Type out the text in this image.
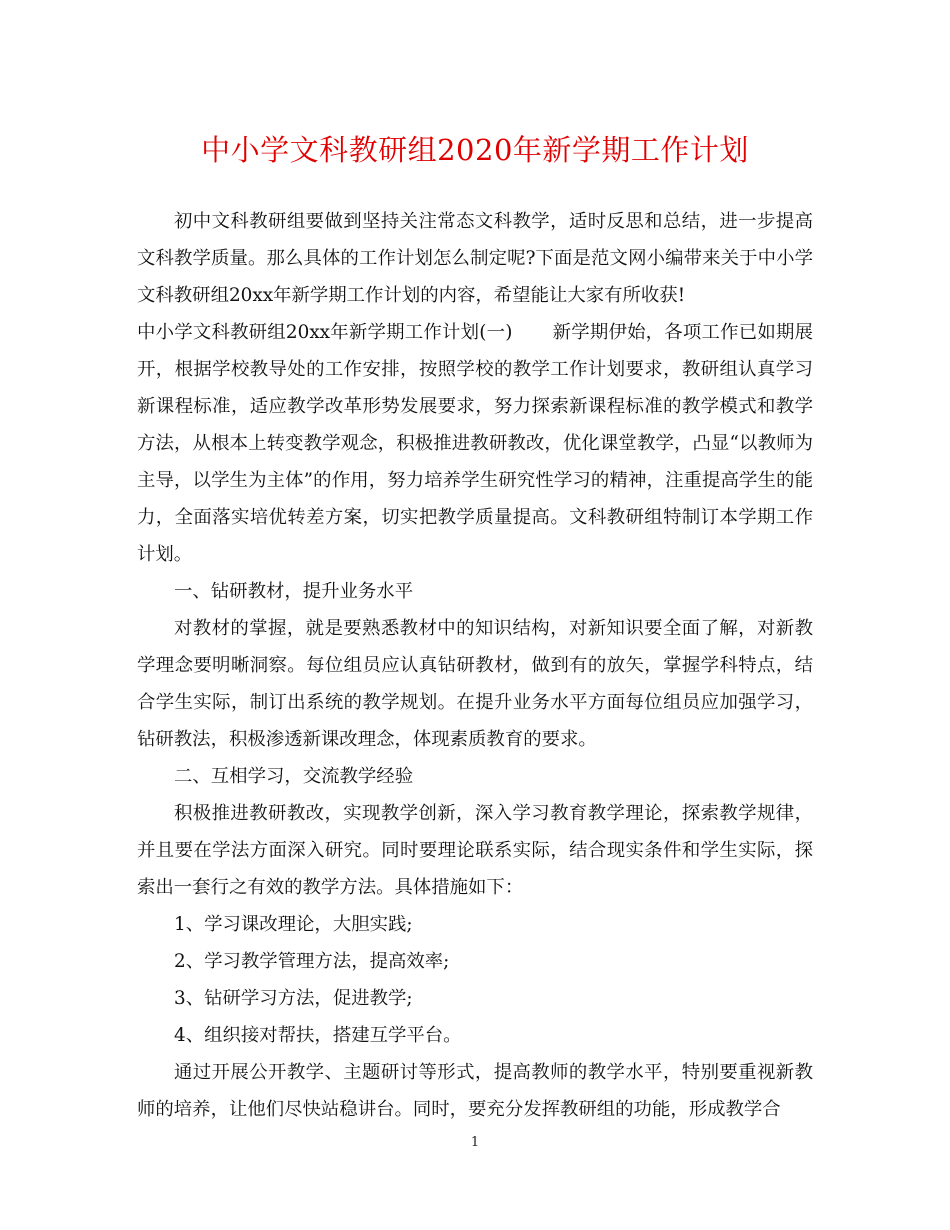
中小学文科教研组2020年新学期工作计划

初中文科教研组要做到坚持关注常态文科教学，适时反思和总结，进一步提高文科教学质量。那么具体的工作计划怎么制定呢?下面是范文网小编带来关于中小学文科教研组20xx年新学期工作计划的内容，希望能让大家有所收获!

中小学文科教研组20xx年新学期工作计划(一) 新学期伊始，各项工作已如期展开，根据学校教导处的工作安排，按照学校的教学工作计划要求，教研组认真学习新课程标准，适应教学改革形势发展要求，努力探索新课程标准的教学模式和教学方法，从根本上转变教学观念，积极推进教研教改，优化课堂教学，凸显“以教师为主导，以学生为主体”的作用，努力培养学生研究性学习的精神，注重提高学生的能力，全面落实培优转差方案，切实把教学质量提高。文科教研组特制订本学期工作计划。

一、钻研教材，提升业务水平

对教材的掌握，就是要熟悉教材中的知识结构，对新知识要全面了解，对新教学理念要明晰洞察。每位组员应认真钻研教材，做到有的放矢，掌握学科特点，结合学生实际，制订出系统的教学规划。在提升业务水平方面每位组员应加强学习，钻研教法，积极渗透新课改理念，体现素质教育的要求。

二、互相学习，交流教学经验

积极推进教研教改，实现教学创新，深入学习教育教学理论，探索教学规律，并且要在学法方面深入研究。同时要理论联系实际，结合现实条件和学生实际，探索出一套行之有效的教学方法。具体措施如下：

1、学习课改理论，大胆实践;

2、学习教学管理方法，提高效率;

3、钻研学习方法，促进教学;

4、组织接对帮扶，搭建互学平台。

通过开展公开教学、主题研讨等形式，提高教师的教学水平，特别要重视新教师的培养，让他们尽快站稳讲台。同时，要充分发挥教研组的功能，形成教学合

1
